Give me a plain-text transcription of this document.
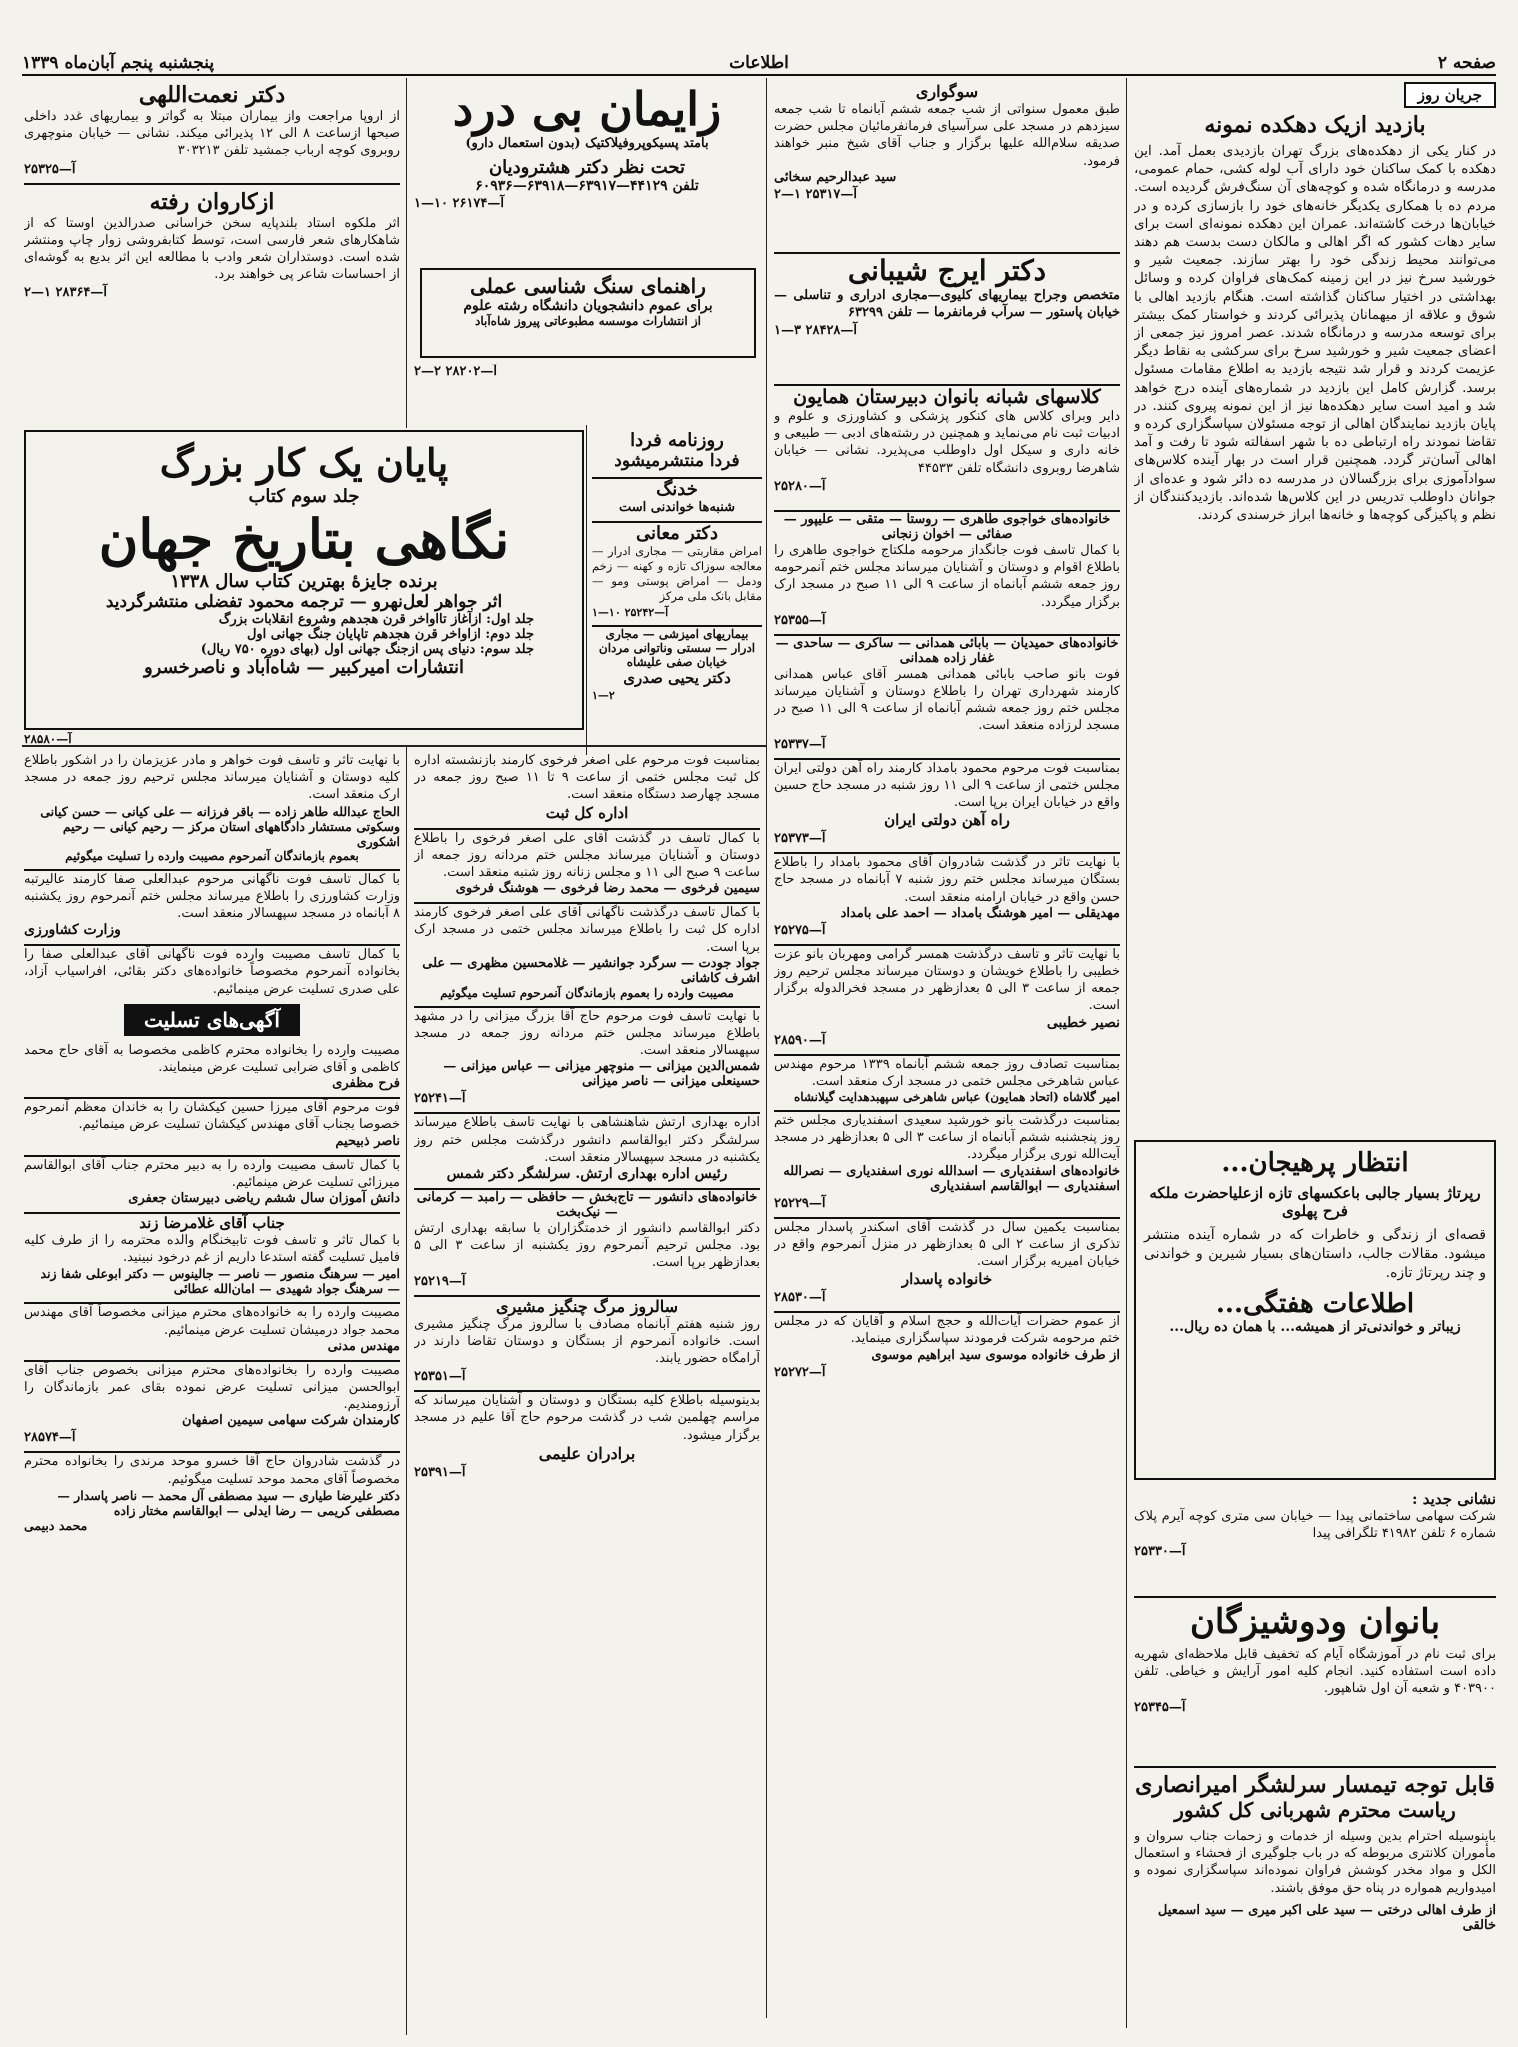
صفحه ۲
اطلاعات
پنجشنبه پنجم آبان‌ماه ۱۳۳۹
جریان روز
بازدید ازیک دهکده نمونه
در کنار یکی از دهکده‌های بزرگ تهران بازدیدی بعمل آمد. این دهکده با کمک ساکنان خود دارای آب لوله کشی، حمام عمومی، مدرسه و درمانگاه شده و کوچه‌های آن سنگ‌فرش گردیده است. مردم ده با همکاری یکدیگر خانه‌های خود را بازسازی کرده و در خیابان‌ها درخت کاشته‌اند. عمران این دهکده نمونه‌ای است برای سایر دهات کشور که اگر اهالی و مالکان دست بدست هم دهند می‌توانند محیط زندگی خود را بهتر سازند. جمعیت شیر و خورشید سرخ نیز در این زمینه کمک‌های فراوان کرده و وسائل بهداشتی در اختیار ساکنان گذاشته است. هنگام بازدید اهالی با شوق و علاقه از میهمانان پذیرائی کردند و خواستار کمک بیشتر برای توسعه مدرسه و درمانگاه شدند. عصر امروز نیز جمعی از اعضای جمعیت شیر و خورشید سرخ برای سرکشی به نقاط دیگر عزیمت کردند و قرار شد نتیجه بازدید به اطلاع مقامات مسئول برسد. گزارش کامل این بازدید در شماره‌های آینده درج خواهد شد و امید است سایر دهکده‌ها نیز از این نمونه پیروی کنند. در پایان بازدید نمایندگان اهالی از توجه مسئولان سپاسگزاری کرده و تقاضا نمودند راه ارتباطی ده با شهر اسفالته شود تا رفت و آمد اهالی آسان‌تر گردد. همچنین قرار است در بهار آینده کلاس‌های سوادآموزی برای بزرگسالان در مدرسه ده دائر شود و عده‌ای از جوانان داوطلب تدریس در این کلاس‌ها شده‌اند. بازدیدکنندگان از نظم و پاکیزگی کوچه‌ها و خانه‌ها ابراز خرسندی کردند.
انتظار پرهیجان...
رپرتاژ بسیار جالبی باعکسهای تازه ازعلیاحضرت ملکه فرح پهلوی
قصه‌ای از زندگی و خاطرات که در شماره آینده منتشر میشود. مقالات جالب، داستان‌های بسیار شیرین و خواندنی و چند رپرتاژ تازه.
اطلاعات هفتگی...
زیباتر و خواندنی‌تر از همیشه... با همان ده ریال...
نشانی جدید :
شرکت سهامی ساختمانی پیدا — خیابان سی متری کوچه آیرم پلاک شماره ۶ تلفن ۴۱۹۸۲ تلگرافی پیدا
آ—۲۵۳۳۰
بانوان ودوشیزگان
برای ثبت نام در آموزشگاه آیام که تخفیف قابل ملاحظه‌ای شهریه داده است استفاده کنید. انجام کلیه امور آرایش و خیاطی. تلفن ۴۰۳۹۰۰ و شعبه آن اول شاهپور.
آ—۲۵۳۴۵
قابل توجه تیمسار سرلشگر امیرانصاری
ریاست محترم شهربانی کل کشور
باینوسیله احترام بدین وسیله از خدمات و زحمات جناب سروان و مأموران کلانتری مربوطه که در باب جلوگیری از فحشاء و استعمال الکل و مواد مخدر کوشش فراوان نموده‌اند سپاسگزاری نموده و امیدواریم همواره در پناه حق موفق باشند.
از طرف اهالی درختی — سید علی اکبر میری — سید اسمعیل خالقی
سوگواری
طبق معمول سنواتی از شب جمعه ششم آبانماه تا شب جمعه سیزدهم در مسجد علی سرآسیای فرمانفرمائیان مجلس حضرت صدیقه سلام‌الله علیها برگزار و جناب آقای شیخ منبر خواهند فرمود.
سید عبدالرحیم سخائی
آ—۲۵۳۱۷ ۱—۲
دکتر ایرج شیبانی
متخصص وجراح بیماریهای کلیوی—مجاری ادراری و تناسلی — خیابان پاستور — سرآب فرمانفرما — تلفن ۶۳۲۹۹
آ—۲۸۴۲۸ ۳—۱
کلاسهای شبانه بانوان دبیرستان همایون
دایر وبرای کلاس های کنکور پزشکی و کشاورزی و علوم و ادبیات ثبت نام می‌نماید و همچنین در رشته‌های ادبی — طبیعی و خانه داری و سیکل اول داوطلب می‌پذیرد. نشانی — خیابان شاهرضا روبروی دانشگاه تلفن ۴۴۵۳۳
آ—۲۵۲۸۰
زایمان بی درد
بامتد پسیکوپروفیلاکتیک (بدون استعمال دارو)
تحت نظر دکتر هشترودیان
تلفن ۴۴۱۲۹—۶۳۹۱۷—۶۳۹۱۸—۶۰۹۳۶
آ—۲۶۱۷۴ ۱۰—۱
راهنمای سنگ شناسی عملی
برای عموم دانشجویان دانشگاه رشته علوم
از انتشارات موسسه مطبوعاتی پیروز شاه‌آباد
آ—۲۸۲۰۲ ۲—۲
دکتر نعمت‌اللهی
از اروپا مراجعت واز بیماران مبتلا به گواتر و بیماریهای غدد داخلی صبحها ازساعت ۸ الی ۱۲ پذیرائی میکند. نشانی — خیابان منوچهری روبروی کوچه ارباب جمشید تلفن ۳۰۳۲۱۳
آ—۲۵۳۲۵
ازکاروان رفته
اثر ملکوه استاد بلندپایه سخن خراسانی صدرالدین اوستا که از شاهکارهای شعر فارسی است، توسط کتابفروشی زوار چاپ ومنتشر شده است. دوستداران شعر وادب با مطالعه این اثر بدیع به گوشه‌ای از احساسات شاعر پی خواهند برد.
آ—۲۸۳۶۴ ۱—۲
پایان یک کار بزرگ
جلد سوم کتاب
نگاهی بتاریخ جهان
برنده جایزهٔ بهترین کتاب سال ۱۳۳۸
اثر جواهر لعل‌نهرو — ترجمه محمود تفضلی منتشرگردید
جلد اول: ازآغاز تااواخر قرن هجدهم وشروع انقلابات بزرگ
جلد دوم: ازاواخر قرن هجدهم تاپایان جنگ جهانی اول
جلد سوم: دنیای پس ازجنگ جهانی اول (بهای دوره ۷۵۰ ریال)
انتشارات امیرکبیر — شاه‌آباد و ناصرخسرو
آ—۲۸۵۸۰
روزنامه فردا
فردا منتشرمیشود
خدنگ
شنبه‌ها خواندنی است
دکتر معانی
امراض مقاربتی — مجاری ادرار — معالجه سوزاک تازه و کهنه — زخم ودمل — امراض پوستی ومو — مقابل بانک ملی مرکز
آ—۲۵۲۴۲ ۱۰—۱
بیماریهای امیزشی — مجاری ادرار — سستی وناتوانی مردان
خیابان صفی علیشاه
دکتر یحیی صدری
۱—۲
خانواده‌های خواجوی طاهری — روستا — متقی — علیپور — صفائی — اخوان زنجانی
با کمال تاسف فوت جانگداز مرحومه ملکتاج خواجوی طاهری را باطلاع اقوام و دوستان و آشنایان میرساند مجلس ختم آنمرحومه روز جمعه ششم آبانماه از ساعت ۹ الی ۱۱ صبح در مسجد ارک برگزار میگردد.
آ—۲۵۳۵۵
خانواده‌های حمیدیان — بابائی همدانی — ساکری — ساحدی — غفار زاده همدانی
فوت بانو صاحب بابائی همدانی همسر آقای عباس همدانی کارمند شهرداری تهران را باطلاع دوستان و آشنایان میرساند مجلس ختم روز جمعه ششم آبانماه از ساعت ۹ الی ۱۱ صبح در مسجد لرزاده منعقد است.
آ—۲۵۳۳۷
بمناسبت فوت مرحوم محمود بامداد کارمند راه آهن دولتی ایران مجلس ختمی از ساعت ۹ الی ۱۱ روز شنبه در مسجد حاج حسین واقع در خیابان ایران برپا است.
راه آهن دولتی ایران
آ—۲۵۳۷۳
با نهایت تاثر در گذشت شادروان آقای محمود بامداد را باطلاع بستگان میرساند مجلس ختم روز شنبه ۷ آبانماه در مسجد حاج حسن واقع در خیابان ارامنه منعقد است.
مهدیقلی — امیر هوشنگ بامداد — احمد علی بامداد
آ—۲۵۲۷۵
با نهایت تاثر و تاسف درگذشت همسر گرامی ومهربان بانو عزت خطیبی را باطلاع خویشان و دوستان میرساند مجلس ترحیم روز جمعه از ساعت ۳ الی ۵ بعدازظهر در مسجد فخرالدوله برگزار است.
نصیر خطیبی
آ—۲۸۵۹۰
بمناسبت تصادف روز جمعه ششم آبانماه ۱۳۳۹ مرحوم مهندس عباس شاهرخی مجلس ختمی در مسجد ارک منعقد است.
امیر گلاشاه (اتحاد همایون) عباس شاهرخی سپهبدهدایت گیلانشاه
بمناسبت درگذشت بانو خورشید سعیدی اسفندیاری مجلس ختم روز پنجشنبه ششم آبانماه از ساعت ۳ الی ۵ بعدازظهر در مسجد آیت‌الله نوری برگزار میگردد.
خانواده‌های اسفندیاری — اسدالله نوری اسفندیاری — نصرالله اسفندیاری — ابوالقاسم اسفندیاری
آ—۲۵۲۲۹
بمناسبت یکمین سال در گذشت آقای اسکندر پاسدار مجلس تذکری از ساعت ۲ الی ۵ بعدازظهر در منزل آنمرحوم واقع در خیابان امیریه برگزار است.
خانواده پاسدار
آ—۲۸۵۳۰
از عموم حضرات آیات‌الله و حجج اسلام و آقایان که در مجلس ختم مرحومه شرکت فرمودند سپاسگزاری مینماید.
از طرف خانواده موسوی سید ابراهیم موسوی
آ—۲۵۲۷۲
بمناسبت فوت مرحوم علی اصغر فرخوی کارمند بازنشسته اداره کل ثبت مجلس ختمی از ساعت ۹ تا ۱۱ صبح روز جمعه در مسجد چهارصد دستگاه منعقد است.
اداره کل ثبت
با کمال تاسف در گذشت آقای علی اصغر فرخوی را باطلاع دوستان و آشنایان میرساند مجلس ختم مردانه روز جمعه از ساعت ۹ صبح الی ۱۱ و مجلس زنانه روز شنبه منعقد است.
سیمین فرخوی — محمد رضا فرخوی — هوشنگ فرخوی
با کمال تاسف درگذشت ناگهانی آقای علی اصغر فرخوی کارمند اداره کل ثبت را باطلاع میرساند مجلس ختمی در مسجد ارک برپا است.
جواد جودت — سرگرد جوانشیر — غلامحسین مظهری — علی اشرف کاشانی
مصیبت وارده را بعموم بازماندگان آنمرحوم تسلیت میگوئیم
با نهایت تاسف فوت مرحوم حاج آقا بزرگ میزانی را در مشهد باطلاع میرساند مجلس ختم مردانه روز جمعه در مسجد سپهسالار منعقد است.
شمس‌الدین میزانی — منوچهر میزانی — عباس میزانی — حسینعلی میزانی — ناصر میزانی
آ—۲۵۲۴۱
اداره بهداری ارتش شاهنشاهی با نهایت تاسف باطلاع میرساند سرلشگر دکتر ابوالقاسم دانشور درگذشت مجلس ختم روز یکشنبه در مسجد سپهسالار منعقد است.
رئیس اداره بهداری ارتش. سرلشگر دکتر شمس
خانواده‌های دانشور — تاج‌بخش — حافظی — رامبد — کرمانی — نیک‌بخت
دکتر ابوالقاسم دانشور از خدمتگزاران با سابقه بهداری ارتش بود. مجلس ترحیم آنمرحوم روز یکشنبه از ساعت ۳ الی ۵ بعدازظهر برپا است.
آ—۲۵۲۱۹
سالروز مرگ چنگیز مشیری
روز شنبه هفتم آبانماه مصادف با سالروز مرگ چنگیز مشیری است. خانواده آنمرحوم از بستگان و دوستان تقاضا دارند در آرامگاه حضور یابند.
آ—۲۵۳۵۱
بدینوسیله باطلاع کلیه بستگان و دوستان و آشنایان میرساند که مراسم چهلمین شب در گذشت مرحوم حاج آقا علیم در مسجد برگزار میشود.
برادران علیمی
آ—۲۵۳۹۱
با نهایت تاثر و تاسف فوت خواهر و مادر عزیزمان را در اشکور باطلاع کلیه دوستان و آشنایان میرساند مجلس ترحیم روز جمعه در مسجد ارک منعقد است.
الحاج عبدالله طاهر زاده — باقر فرزانه — علی کیانی — حسن کیانی وسکوتی مستشار دادگاههای استان مرکز — رحیم کیانی — رحیم اشکوری
بعموم بازماندگان آنمرحوم مصیبت وارده را تسلیت میگوئیم
با کمال تاسف فوت ناگهانی مرحوم عبدالعلی صفا کارمند عالیرتبه وزارت کشاورزی را باطلاع میرساند مجلس ختم آنمرحوم روز یکشنبه ۸ آبانماه در مسجد سپهسالار منعقد است.
وزارت کشاورزی
با کمال تاسف مصیبت وارده فوت ناگهانی آقای عبدالعلی صفا را بخانواده آنمرحوم مخصوصاً خانواده‌های دکتر بقائی، افراسیاب آزاد، علی صدری تسلیت عرض مینمائیم.
آگهی‌های تسلیت
مصیبت وارده را بخانواده محترم کاظمی مخصوصا به آقای حاج محمد کاظمی و آقای ضرابی تسلیت عرض مینمایند.
فرح مظفری
فوت مرحوم آقای میرزا حسین کیکشان را به خاندان معظم آنمرحوم خصوصا بجناب آقای مهندس کیکشان تسلیت عرض مینمائیم.
ناصر ذبیحیم
با کمال تاسف مصیبت وارده را به دبیر محترم جناب آقای ابوالقاسم میرزائی تسلیت عرض مینمائیم.
دانش آموزان سال ششم ریاضی دبیرستان جعفری
جناب آقای غلامرضا زند
با کمال تاثر و تاسف فوت تابیخنگام والده محترمه را از طرف کلیه فامیل تسلیت گفته استدعا داریم از غم درخود نبینید.
امیر — سرهنگ منصور — ناصر — جالینوس — دکتر ابوعلی شفا زند — سرهنگ جواد شهیدی — امان‌الله عطائی
مصیبت وارده را به خانواده‌های محترم میزانی مخصوصاً آقای مهندس محمد جواد درمیشان تسلیت عرض مینمائیم.
مهندس مدنی
مصیبت وارده را بخانواده‌های محترم میزانی بخصوص جناب آقای ابوالحسن میزانی تسلیت عرض نموده بقای عمر بازماندگان را آرزومندیم.
کارمندان شرکت سهامی سیمین اصفهان
آ—۲۸۵۷۴
در گذشت شادروان حاج آقا خسرو موحد مرندی را بخانواده محترم مخصوصاً آقای محمد موحد تسلیت میگوئیم.
دکتر علیرضا طیاری — سید مصطفی آل محمد — ناصر پاسدار — مصطفی کریمی — رضا ایدلی — ابوالقاسم مختار زاده
محمد دبیمی
